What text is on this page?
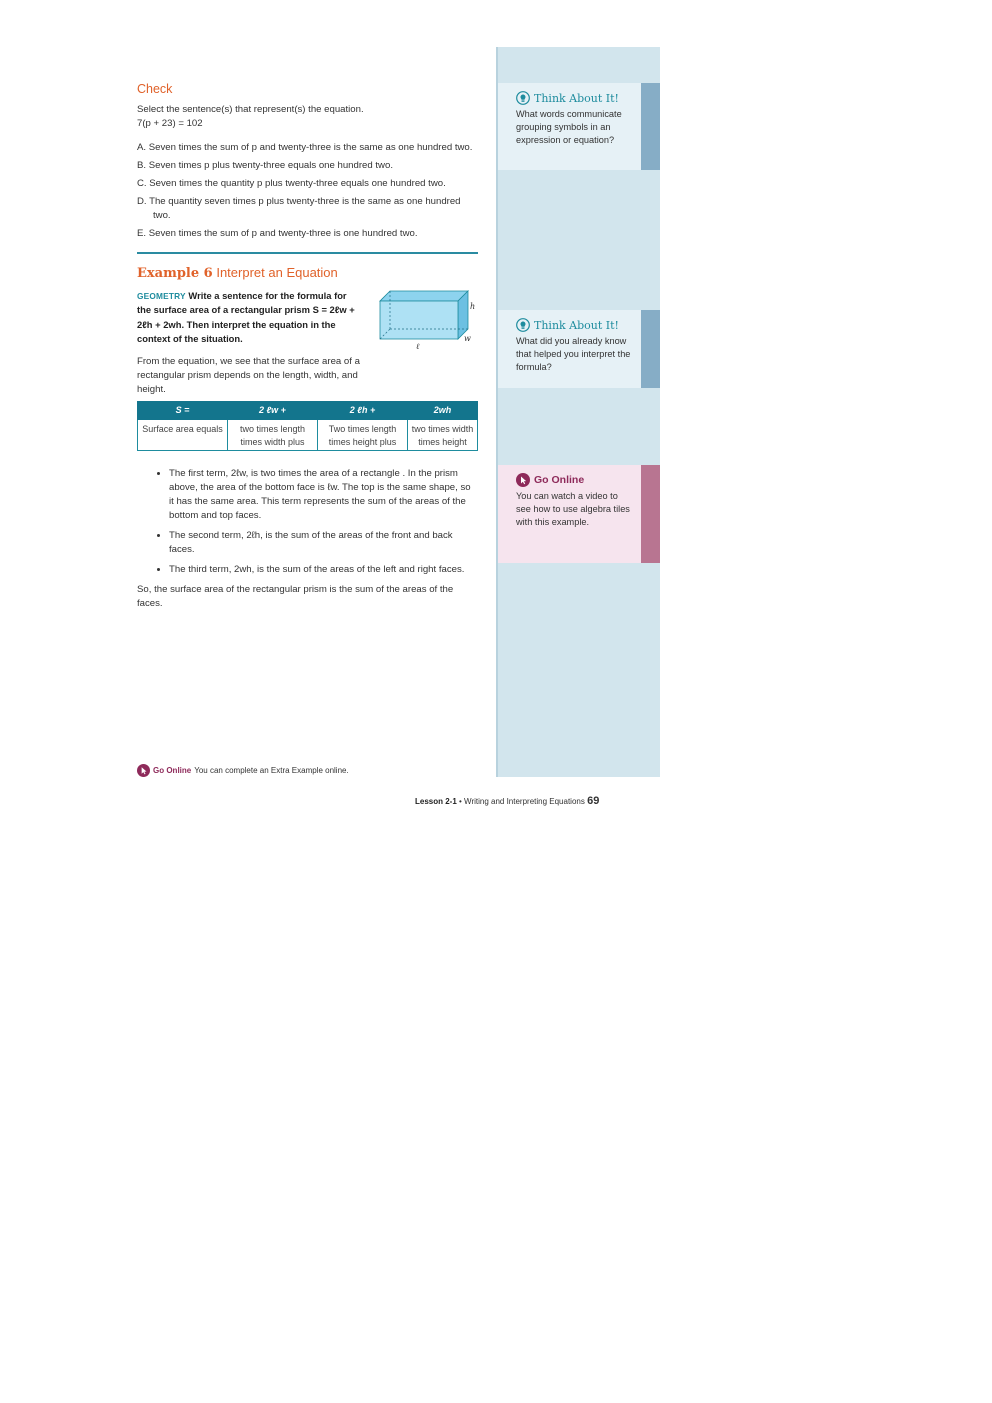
Think About It!
What words communicate grouping symbols in an expression or equation?
Think About It!
What did you already know that helped you interpret the formula?
Go Online
You can watch a video to see how to use algebra tiles with this example.
Check
Select the sentence(s) that represent(s) the equation.
7(p + 23) = 102
A. Seven times the sum of p and twenty-three is the same as one hundred two.
B. Seven times p plus twenty-three equals one hundred two.
C. Seven times the quantity p plus twenty-three equals one hundred two.
D. The quantity seven times p plus twenty-three is the same as one hundred two.
E. Seven times the sum of p and twenty-three is one hundred two.
Example 6 Interpret an Equation
GEOMETRY Write a sentence for the formula for the surface area of a rectangular prism S = 2ℓw + 2ℓh + 2wh. Then interpret the equation in the context of the situation.
h
w
ℓ
From the equation, we see that the surface area of a rectangular prism depends on the length, width, and height.
S =	2 ℓw +	2 ℓh +	2wh
Surface area equals	two times length times width plus	Two times length times height plus	two times width times height
• The first term, 2ℓw, is two times the area of a rectangle . In the prism above, the area of the bottom face is ℓw. The top is the same shape, so it has the same area. This term represents the sum of the areas of the bottom and top faces.
• The second term, 2ℓh, is the sum of the areas of the front and back faces.
• The third term, 2wh, is the sum of the areas of the left and right faces.
So, the surface area of the rectangular prism is the sum of the areas of the faces.
Go Online You can complete an Extra Example online.
Lesson 2-1 • Writing and Interpreting Equations 69
